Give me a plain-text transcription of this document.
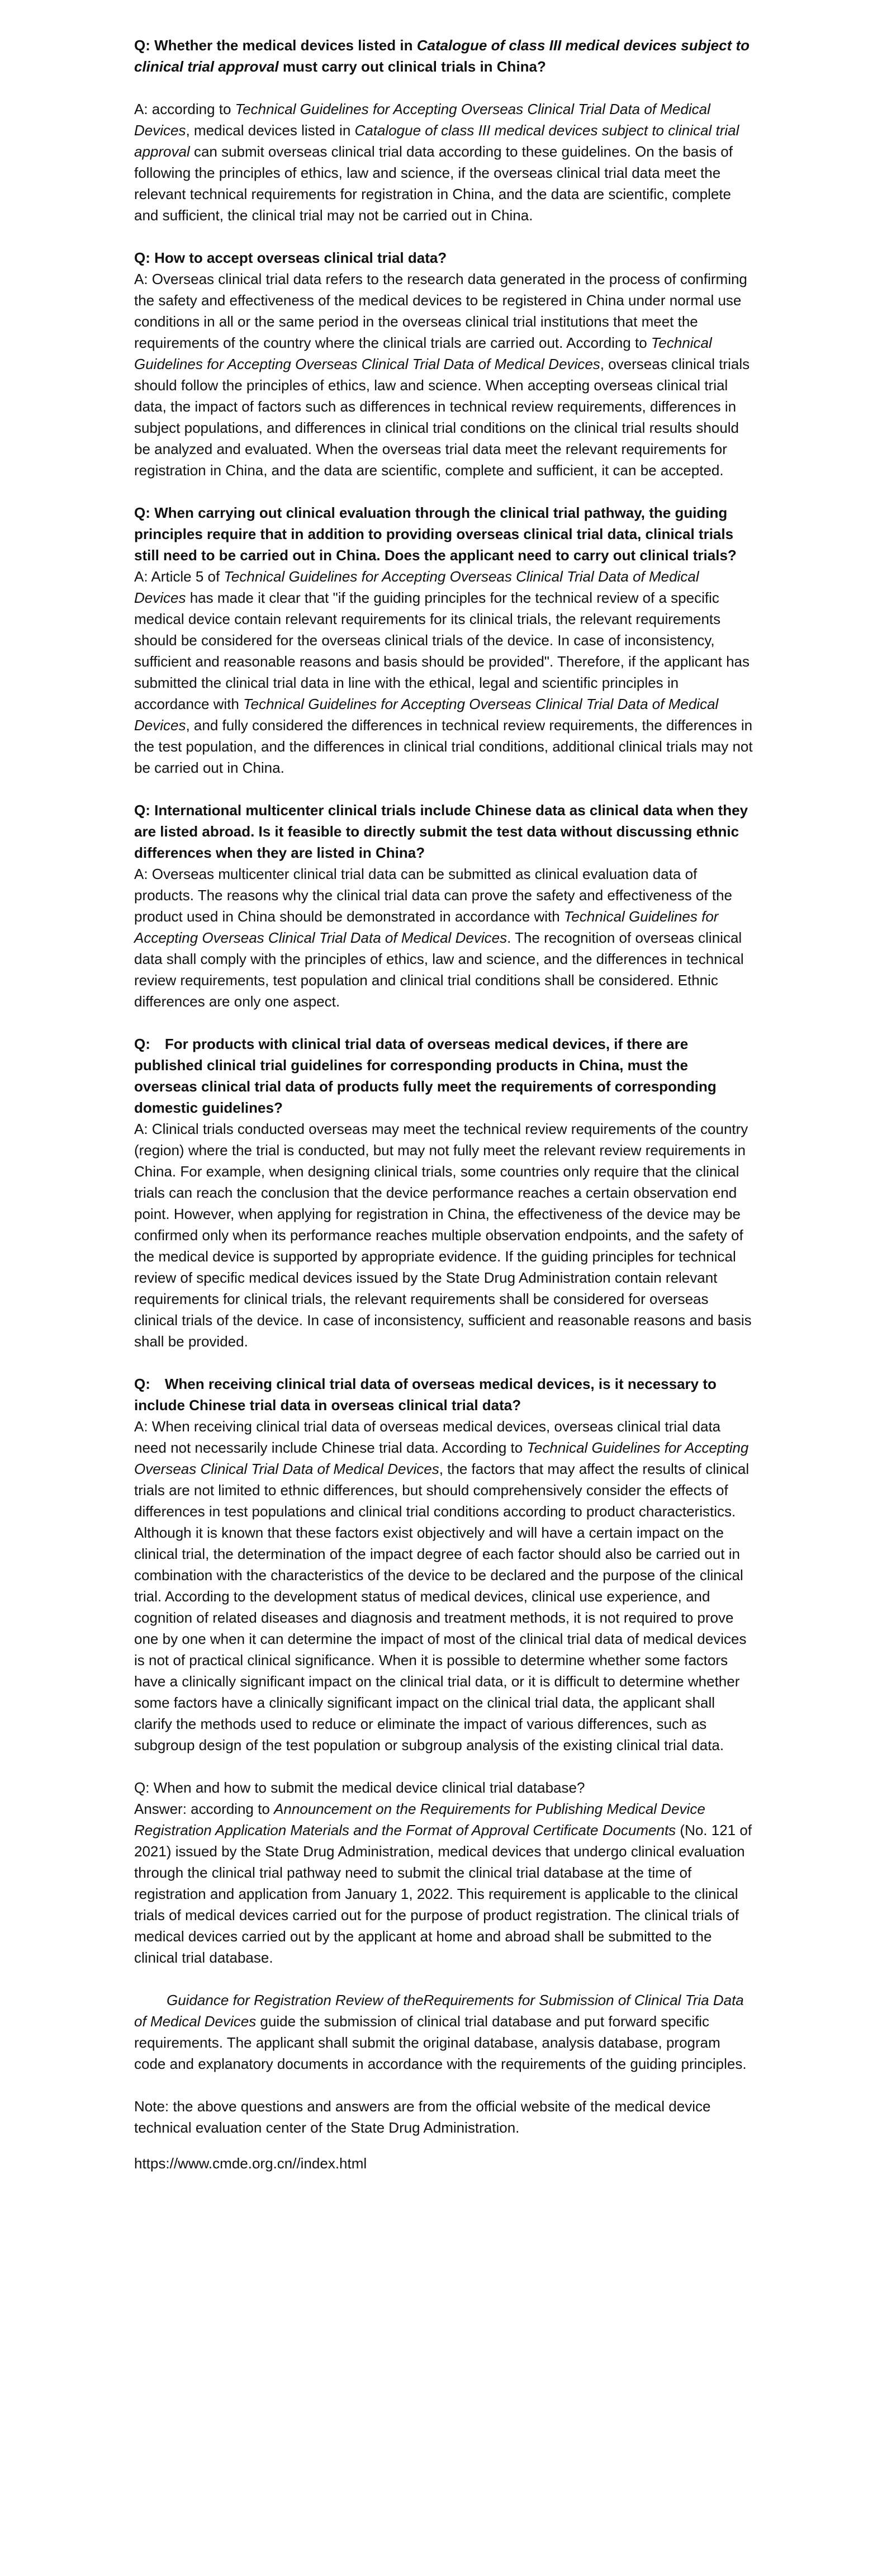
Q: Whether the medical devices listed in Catalogue of class III medical devices subject to clinical trial approval must carry out clinical trials in China?

A: according to Technical Guidelines for Accepting Overseas Clinical Trial Data of Medical Devices, medical devices listed in Catalogue of class III medical devices subject to clinical trial approval can submit overseas clinical trial data according to these guidelines. On the basis of following the principles of ethics, law and science, if the overseas clinical trial data meet the relevant technical requirements for registration in China, and the data are scientific, complete and sufficient, the clinical trial may not be carried out in China.

Q: How to accept overseas clinical trial data?

A: Overseas clinical trial data refers to the research data generated in the process of confirming the safety and effectiveness of the medical devices to be registered in China under normal use conditions in all or the same period in the overseas clinical trial institutions that meet the requirements of the country where the clinical trials are carried out. According to Technical Guidelines for Accepting Overseas Clinical Trial Data of Medical Devices, overseas clinical trials should follow the principles of ethics, law and science. When accepting overseas clinical trial data, the impact of factors such as differences in technical review requirements, differences in subject populations, and differences in clinical trial conditions on the clinical trial results should be analyzed and evaluated. When the overseas trial data meet the relevant requirements for registration in China, and the data are scientific, complete and sufficient, it can be accepted.

Q: When carrying out clinical evaluation through the clinical trial pathway, the guiding principles require that in addition to providing overseas clinical trial data, clinical trials still need to be carried out in China. Does the applicant need to carry out clinical trials?

A: Article 5 of Technical Guidelines for Accepting Overseas Clinical Trial Data of Medical Devices has made it clear that "if the guiding principles for the technical review of a specific medical device contain relevant requirements for its clinical trials, the relevant requirements should be considered for the overseas clinical trials of the device. In case of inconsistency, sufficient and reasonable reasons and basis should be provided". Therefore, if the applicant has submitted the clinical trial data in line with the ethical, legal and scientific principles in accordance with Technical Guidelines for Accepting Overseas Clinical Trial Data of Medical Devices, and fully considered the differences in technical review requirements, the differences in the test population, and the differences in clinical trial conditions, additional clinical trials may not be carried out in China.

Q: International multicenter clinical trials include Chinese data as clinical data when they are listed abroad. Is it feasible to directly submit the test data without discussing ethnic differences when they are listed in China?

A: Overseas multicenter clinical trial data can be submitted as clinical evaluation data of products. The reasons why the clinical trial data can prove the safety and effectiveness of the product used in China should be demonstrated in accordance with Technical Guidelines for Accepting Overseas Clinical Trial Data of Medical Devices. The recognition of overseas clinical data shall comply with the principles of ethics, law and science, and the differences in technical review requirements, test population and clinical trial conditions shall be considered. Ethnic differences are only one aspect.

Q:　For products with clinical trial data of overseas medical devices, if there are published clinical trial guidelines for corresponding products in China, must the overseas clinical trial data of products fully meet the requirements of corresponding domestic guidelines?

A: Clinical trials conducted overseas may meet the technical review requirements of the country (region) where the trial is conducted, but may not fully meet the relevant review requirements in China. For example, when designing clinical trials, some countries only require that the clinical trials can reach the conclusion that the device performance reaches a certain observation end point. However, when applying for registration in China, the effectiveness of the device may be confirmed only when its performance reaches multiple observation endpoints, and the safety of the medical device is supported by appropriate evidence. If the guiding principles for technical review of specific medical devices issued by the State Drug Administration contain relevant requirements for clinical trials, the relevant requirements shall be considered for overseas clinical trials of the device. In case of inconsistency, sufficient and reasonable reasons and basis shall be provided.

Q:　When receiving clinical trial data of overseas medical devices, is it necessary to include Chinese trial data in overseas clinical trial data?

A: When receiving clinical trial data of overseas medical devices, overseas clinical trial data need not necessarily include Chinese trial data. According to Technical Guidelines for Accepting Overseas Clinical Trial Data of Medical Devices, the factors that may affect the results of clinical trials are not limited to ethnic differences, but should comprehensively consider the effects of differences in test populations and clinical trial conditions according to product characteristics. Although it is known that these factors exist objectively and will have a certain impact on the clinical trial, the determination of the impact degree of each factor should also be carried out in combination with the characteristics of the device to be declared and the purpose of the clinical trial. According to the development status of medical devices, clinical use experience, and cognition of related diseases and diagnosis and treatment methods, it is not required to prove one by one when it can determine the impact of most of the clinical trial data of medical devices is not of practical clinical significance. When it is possible to determine whether some factors have a clinically significant impact on the clinical trial data, or it is difficult to determine whether some factors have a clinically significant impact on the clinical trial data, the applicant shall clarify the methods used to reduce or eliminate the impact of various differences, such as subgroup design of the test population or subgroup analysis of the existing clinical trial data.

Q: When and how to submit the medical device clinical trial database?

Answer: according to Announcement on the Requirements for Publishing Medical Device Registration Application Materials and the Format of Approval Certificate Documents (No. 121 of 2021) issued by the State Drug Administration, medical devices that undergo clinical evaluation through the clinical trial pathway need to submit the clinical trial database at the time of registration and application from January 1, 2022. This requirement is applicable to the clinical trials of medical devices carried out for the purpose of product registration. The clinical trials of medical devices carried out by the applicant at home and abroad shall be submitted to the clinical trial database.

Guidance for Registration Review of theRequirements for Submission of Clinical Tria Data of Medical Devices guide the submission of clinical trial database and put forward specific requirements. The applicant shall submit the original database, analysis database, program code and explanatory documents in accordance with the requirements of the guiding principles.

Note: the above questions and answers are from the official website of the medical device technical evaluation center of the State Drug Administration.

https://www.cmde.org.cn//index.html
